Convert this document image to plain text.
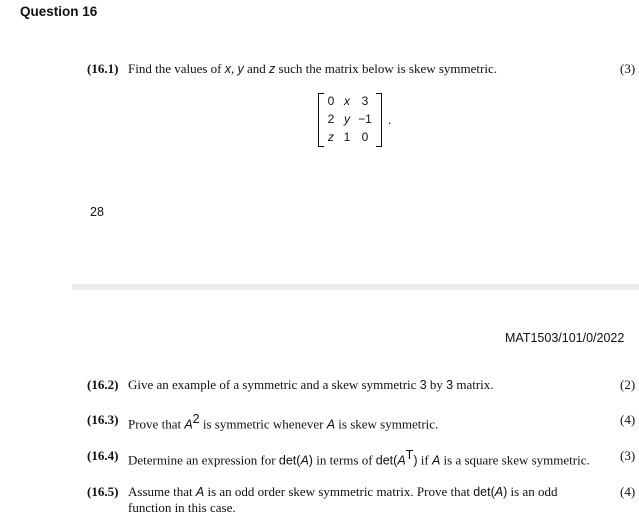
Question 16
(16.1) Find the values of x, y and z such the matrix below is skew symmetric.	(3)
0 x 3
2 y −1
z 1 0
.
28
MAT1503/101/0/2022
(16.2) Give an example of a symmetric and a skew symmetric 3 by 3 matrix.	(2)
(16.3) Prove that $A^2$ is symmetric whenever A is skew symmetric.	(4)
(16.4) Determine an expression for det(A) in terms of $\det(A^T)$ if A is a square skew symmetric. (3)
(16.5) Assume that A is an odd order skew symmetric matrix. Prove that det(A) is an odd function in this case.
(4)
